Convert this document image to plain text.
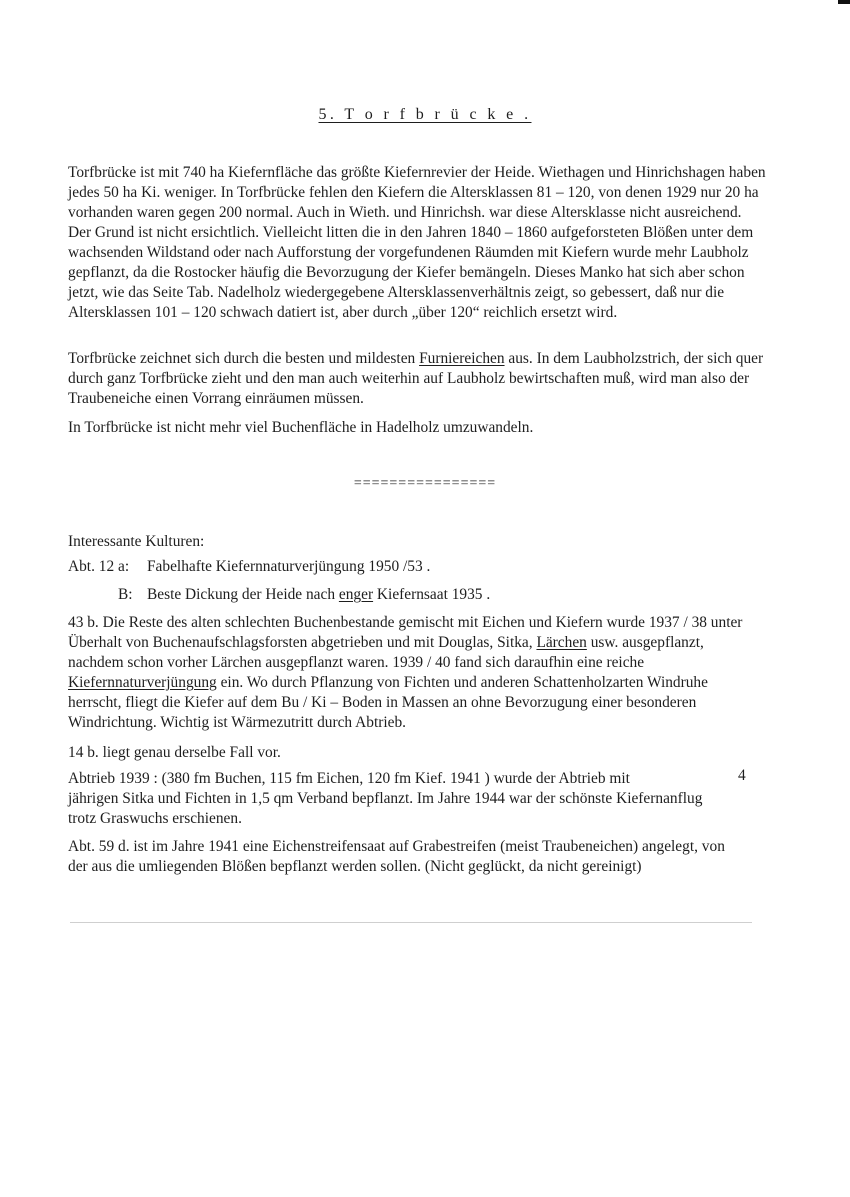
5. T o r f b r ü c k e .

Torfbrücke ist mit 740 ha Kiefernfläche das größte Kiefernrevier der Heide. Wiethagen und Hinrichshagen haben jedes 50 ha Ki. weniger. In Torfbrücke fehlen den Kiefern die Altersklassen 81 – 120, von denen 1929 nur 20 ha vorhanden waren gegen 200 normal. Auch in Wieth. und Hinrichsh. war diese Altersklasse nicht ausreichend. Der Grund ist nicht ersichtlich. Vielleicht litten die in den Jahren 1840 – 1860 aufgeforsteten Blößen unter dem wachsenden Wildstand oder nach Aufforstung der vorgefundenen Räumden mit Kiefern wurde mehr Laubholz gepflanzt, da die Rostocker häufig die Bevorzugung der Kiefer bemängeln. Dieses Manko hat sich aber schon jetzt, wie das Seite Tab. Nadelholz wiedergegebene Altersklassenverhältnis zeigt, so gebessert, daß nur die Altersklassen 101 – 120 schwach datiert ist, aber durch „über 120“ reichlich ersetzt wird.

Torfbrücke zeichnet sich durch die besten und mildesten Furniereichen aus. In dem Laubholzstrich, der sich quer durch ganz Torfbrücke zieht und den man auch weiterhin auf Laubholz bewirtschaften muß, wird man also der Traubeneiche einen Vorrang einräumen müssen.

In Torfbrücke ist nicht mehr viel Buchenfläche in Hadelholz umzuwandeln.

================
Interessante Kulturen:
Abt. 12 a: Fabelhafte Kiefernnaturverjüngung 1950 /53 .
B: Beste Dickung der Heide nach enger Kiefernsaat 1935 .

43 b. Die Reste des alten schlechten Buchenbestande gemischt mit Eichen und Kiefern wurde 1937 / 38 unter Überhalt von Buchenaufschlagsforsten abgetrieben und mit Douglas, Sitka, Lärchen usw. ausgepflanzt, nachdem schon vorher Lärchen ausgepflanzt waren. 1939 / 40 fand sich daraufhin eine reiche Kiefernnaturverjüngung ein. Wo durch Pflanzung von Fichten und anderen Schattenholzarten Windruhe herrscht, fliegt die Kiefer auf dem Bu / Ki – Boden in Massen an ohne Bevorzugung einer besonderen Windrichtung. Wichtig ist Wärmezutritt durch Abtrieb.

14 b. liegt genau derselbe Fall vor.
Abtrieb 1939 : (380 fm Buchen, 115 fm Eichen, 120 fm Kief. 1941 ) wurde der Abtrieb mit	4

jährigen Sitka und Fichten in 1,5 qm Verband bepflanzt. Im Jahre 1944 war der schönste Kiefernanflug trotz Graswuchs erschienen.

Abt. 59 d. ist im Jahre 1941 eine Eichenstreifensaat auf Grabestreifen (meist Traubeneichen) angelegt, von der aus die umliegenden Blößen bepflanzt werden sollen. (Nicht geglückt, da nicht gereinigt)
